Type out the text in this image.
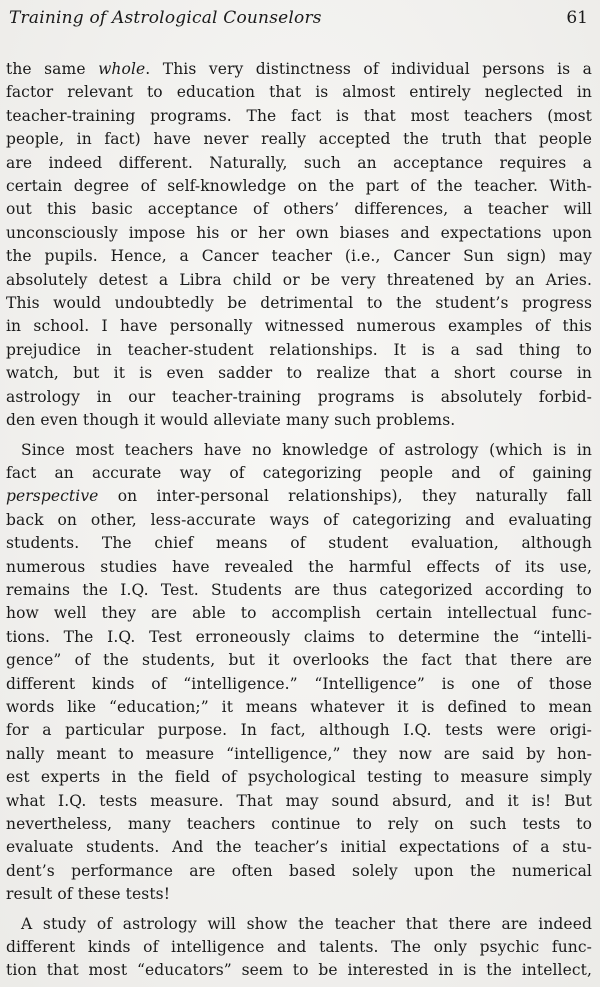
Training of Astrological Counselors	61
the same whole. This very distinctness of individual persons is a
factor relevant to education that is almost entirely neglected in
teacher-training programs. The fact is that most teachers (most
people, in fact) have never really accepted the truth that people
are indeed different. Naturally, such an acceptance requires a
certain degree of self-knowledge on the part of the teacher. With-
out this basic acceptance of others’ differences, a teacher will
unconsciously impose his or her own biases and expectations upon
the pupils. Hence, a Cancer teacher (i.e., Cancer Sun sign) may
absolutely detest a Libra child or be very threatened by an Aries.
This would undoubtedly be detrimental to the student’s progress
in school. I have personally witnessed numerous examples of this
prejudice in teacher-student relationships. It is a sad thing to
watch, but it is even sadder to realize that a short course in
astrology in our teacher-training programs is absolutely forbid-
den even though it would alleviate many such problems.
Since most teachers have no knowledge of astrology (which is in
fact an accurate way of categorizing people and of gaining
perspective on inter-personal relationships), they naturally fall
back on other, less-accurate ways of categorizing and evaluating
students. The chief means of student evaluation, although
numerous studies have revealed the harmful effects of its use,
remains the I.Q. Test. Students are thus categorized according to
how well they are able to accomplish certain intellectual func-
tions. The I.Q. Test erroneously claims to determine the “intelli-
gence” of the students, but it overlooks the fact that there are
different kinds of “intelligence.” “Intelligence” is one of those
words like “education;” it means whatever it is defined to mean
for a particular purpose. In fact, although I.Q. tests were origi-
nally meant to measure “intelligence,” they now are said by hon-
est experts in the field of psychological testing to measure simply
what I.Q. tests measure. That may sound absurd, and it is! But
nevertheless, many teachers continue to rely on such tests to
evaluate students. And the teacher’s initial expectations of a stu-
dent’s performance are often based solely upon the numerical
result of these tests!
A study of astrology will show the teacher that there are indeed
different kinds of intelligence and talents. The only psychic func-
tion that most “educators” seem to be interested in is the intellect,
